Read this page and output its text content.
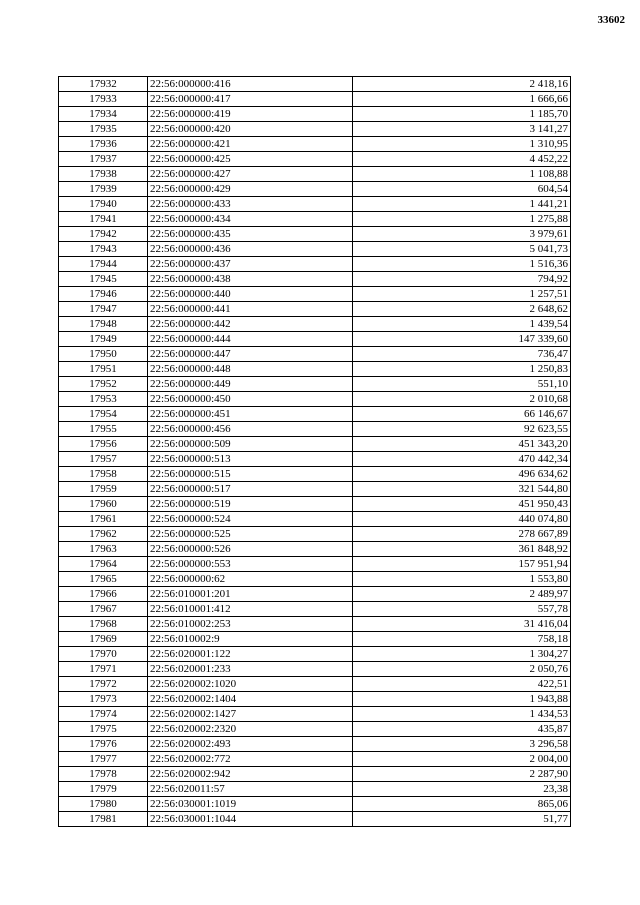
33602
17932	22:56:000000:416	2 418,16
17933	22:56:000000:417	1 666,66
17934	22:56:000000:419	1 185,70
17935	22:56:000000:420	3 141,27
17936	22:56:000000:421	1 310,95
17937	22:56:000000:425	4 452,22
17938	22:56:000000:427	1 108,88
17939	22:56:000000:429	604,54
17940	22:56:000000:433	1 441,21
17941	22:56:000000:434	1 275,88
17942	22:56:000000:435	3 979,61
17943	22:56:000000:436	5 041,73
17944	22:56:000000:437	1 516,36
17945	22:56:000000:438	794,92
17946	22:56:000000:440	1 257,51
17947	22:56:000000:441	2 648,62
17948	22:56:000000:442	1 439,54
17949	22:56:000000:444	147 339,60
17950	22:56:000000:447	736,47
17951	22:56:000000:448	1 250,83
17952	22:56:000000:449	551,10
17953	22:56:000000:450	2 010,68
17954	22:56:000000:451	66 146,67
17955	22:56:000000:456	92 623,55
17956	22:56:000000:509	451 343,20
17957	22:56:000000:513	470 442,34
17958	22:56:000000:515	496 634,62
17959	22:56:000000:517	321 544,80
17960	22:56:000000:519	451 950,43
17961	22:56:000000:524	440 074,80
17962	22:56:000000:525	278 667,89
17963	22:56:000000:526	361 848,92
17964	22:56:000000:553	157 951,94
17965	22:56:000000:62	1 553,80
17966	22:56:010001:201	2 489,97
17967	22:56:010001:412	557,78
17968	22:56:010002:253	31 416,04
17969	22:56:010002:9	758,18
17970	22:56:020001:122	1 304,27
17971	22:56:020001:233	2 050,76
17972	22:56:020002:1020	422,51
17973	22:56:020002:1404	1 943,88
17974	22:56:020002:1427	1 434,53
17975	22:56:020002:2320	435,87
17976	22:56:020002:493	3 296,58
17977	22:56:020002:772	2 004,00
17978	22:56:020002:942	2 287,90
17979	22:56:020011:57	23,38
17980	22:56:030001:1019	865,06
17981	22:56:030001:1044	51,77
